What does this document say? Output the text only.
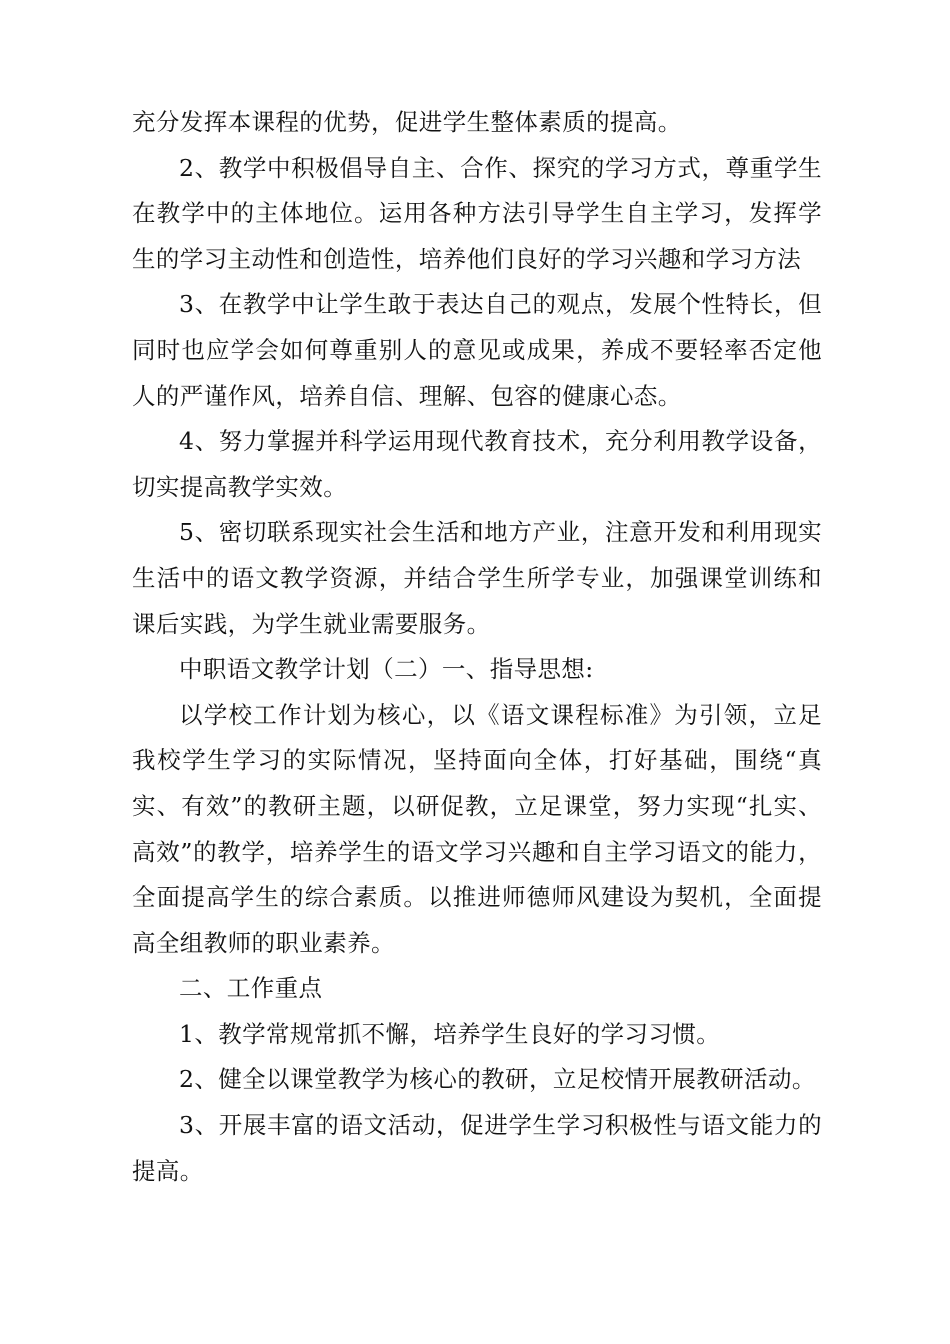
充分发挥本课程的优势，促进学生整体素质的提高。

2、教学中积极倡导自主、合作、探究的学习方式，尊重学生在教学中的主体地位。运用各种方法引导学生自主学习，发挥学生的学习主动性和创造性，培养他们良好的学习兴趣和学习方法

3、在教学中让学生敢于表达自己的观点，发展个性特长，但同时也应学会如何尊重别人的意见或成果，养成不要轻率否定他人的严谨作风，培养自信、理解、包容的健康心态。

4、努力掌握并科学运用现代教育技术，充分利用教学设备，切实提高教学实效。

5、密切联系现实社会生活和地方产业，注意开发和利用现实生活中的语文教学资源，并结合学生所学专业，加强课堂训练和课后实践，为学生就业需要服务。

中职语文教学计划（二）一、指导思想:

以学校工作计划为核心，以《语文课程标准》为引领，立足我校学生学习的实际情况，坚持面向全体，打好基础，围绕“真实、有效”的教研主题，以研促教，立足课堂，努力实现“扎实、高效”的教学，培养学生的语文学习兴趣和自主学习语文的能力，全面提高学生的综合素质。以推进师德师风建设为契机，全面提高全组教师的职业素养。

二、工作重点

1、教学常规常抓不懈，培养学生良好的学习习惯。

2、健全以课堂教学为核心的教研，立足校情开展教研活动。

3、开展丰富的语文活动，促进学生学习积极性与语文能力的提高。
